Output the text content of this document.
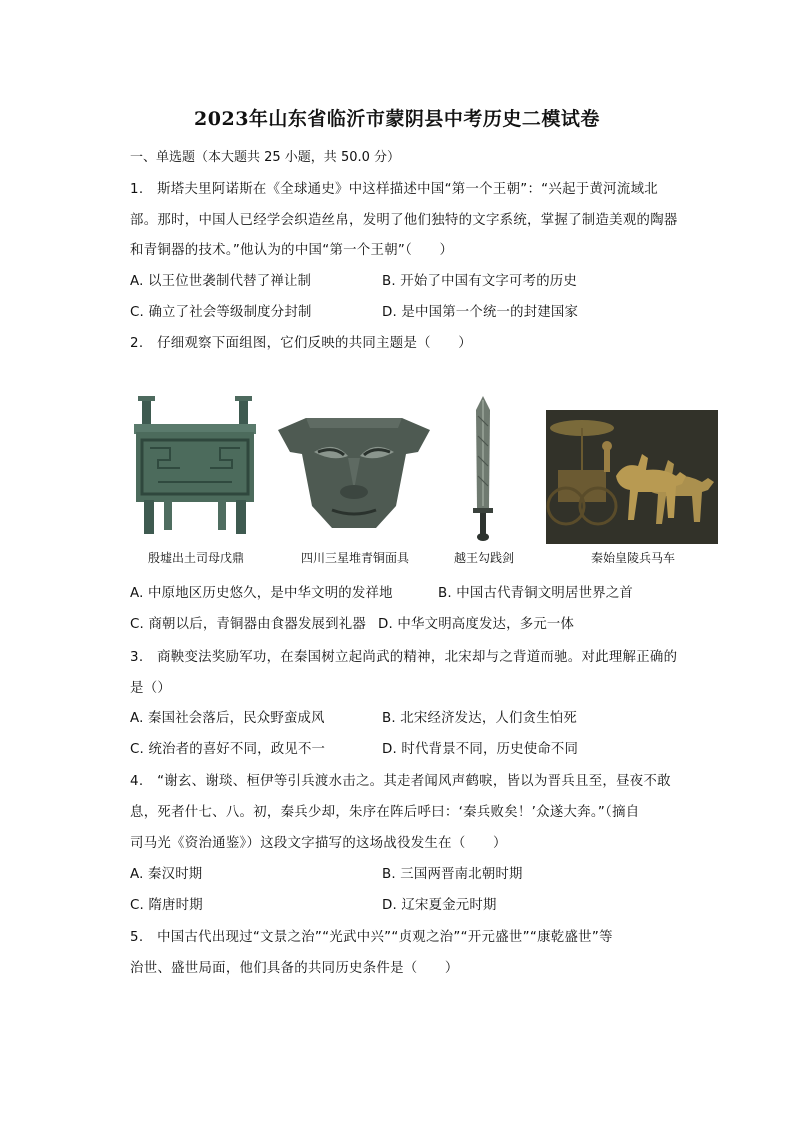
2023年山东省临沂市蒙阴县中考历史二模试卷
一、单选题（本大题共 25 小题，共 50.0 分）
1.　斯塔夫里阿诺斯在《全球通史》中这样描述中国“第一个王朝”：“兴起于黄河流域北
部。那时，中国人已经学会织造丝帛，发明了他们独特的文字系统，掌握了制造美观的陶器
和青铜器的技术。”他认为的中国“第一个王朝”（　　）
A. 以王位世袭制代替了禅让制	B. 开始了中国有文字可考的历史
C. 确立了社会等级制度分封制	D. 是中国第一个统一的封建国家
2.　仔细观察下面组图，它们反映的共同主题是（　　）
殷墟出土司母戊鼎	四川三星堆青铜面具	越王勾践剑	秦始皇陵兵马车
A. 中原地区历史悠久，是中华文明的发祥地	B. 中国古代青铜文明居世界之首
C. 商朝以后，青铜器由食器发展到礼器 D. 中华文明高度发达，多元一体
3.　商鞅变法奖励军功，在秦国树立起尚武的精神，北宋却与之背道而驰。对此理解正确的
是（）
A. 秦国社会落后，民众野蛮成风	B. 北宋经济发达，人们贪生怕死
C. 统治者的喜好不同，政见不一	D. 时代背景不同，历史使命不同
4.　“谢玄、谢琰、桓伊等引兵渡水击之。其走者闻风声鹤唳，皆以为晋兵且至，昼夜不敢
息，死者什七、八。初，秦兵少却，朱序在阵后呼曰：‘秦兵败矣！’众遂大奔。”（摘自
司马光《资治通鉴》）这段文字描写的这场战役发生在（　　）
A. 秦汉时期	B. 三国两晋南北朝时期
C. 隋唐时期	D. 辽宋夏金元时期
5.　中国古代出现过“文景之治”“光武中兴”“贞观之治”“开元盛世”“康乾盛世”等
治世、盛世局面，他们具备的共同历史条件是（　　）
